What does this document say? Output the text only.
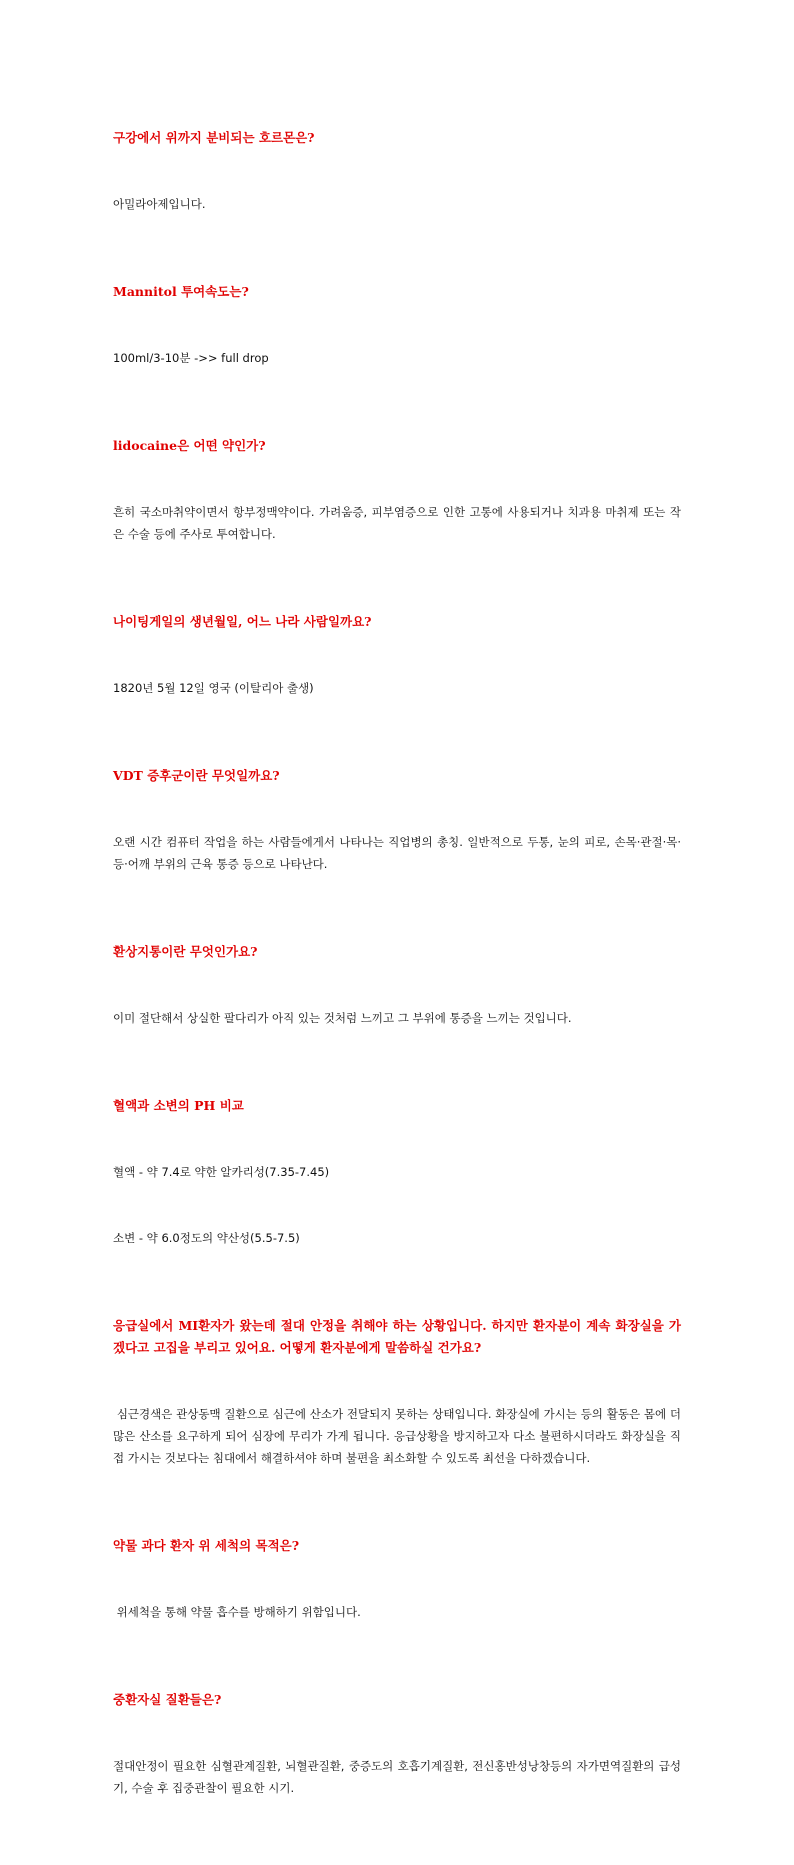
구강에서 위까지 분비되는 호르몬은?

아밀라아제입니다.

Mannitol 투여속도는?

100ml/3-10분 ->> full drop

lidocaine은 어떤 약인가?

흔히 국소마취약이면서 항부정맥약이다. 가려움증, 피부염증으로 인한 고통에 사용되거나 치과용 마취제 또는 작은 수술 등에 주사로 투여합니다.

나이팅게일의 생년월일, 어느 나라 사람일까요?

1820년 5월 12일 영국 (이탈리아 출생)

VDT 증후군이란 무엇일까요?

오랜 시간 컴퓨터 작업을 하는 사람들에게서 나타나는 직업병의 총칭. 일반적으로 두통, 눈의 피로, 손목·관절·목·등·어깨 부위의 근육 통증 등으로 나타난다.

환상지통이란 무엇인가요?

이미 절단해서 상실한 팔다리가 아직 있는 것처럼 느끼고 그 부위에 통증을 느끼는 것입니다.

혈액과 소변의 PH 비교

혈액 - 약 7.4로 약한 알카리성(7.35-7.45)

소변 - 약 6.0정도의 약산성(5.5-7.5)

응급실에서 MI환자가 왔는데 절대 안정을 취해야 하는 상황입니다. 하지만 환자분이 계속 화장실을 가겠다고 고집을 부리고 있어요. 어떻게 환자분에게 말씀하실 건가요?

심근경색은 관상동맥 질환으로 심근에 산소가 전달되지 못하는 상태입니다. 화장실에 가시는 등의 활동은 몸에 더 많은 산소를 요구하게 되어 심장에 무리가 가게 됩니다. 응급상황을 방지하고자 다소 불편하시더라도 화장실을 직접 가시는 것보다는 침대에서 해결하셔야 하며 불편을 최소화할 수 있도록 최선을 다하겠습니다.

약물 과다 환자 위 세척의 목적은?

위세척을 통해 약물 흡수를 방해하기 위함입니다.

중환자실 질환들은?

절대안정이 필요한 심혈관계질환, 뇌혈관질환, 중증도의 호흡기계질환, 전신홍반성낭창등의 자가면역질환의 급성기, 수술 후 집중관찰이 필요한 시기.
